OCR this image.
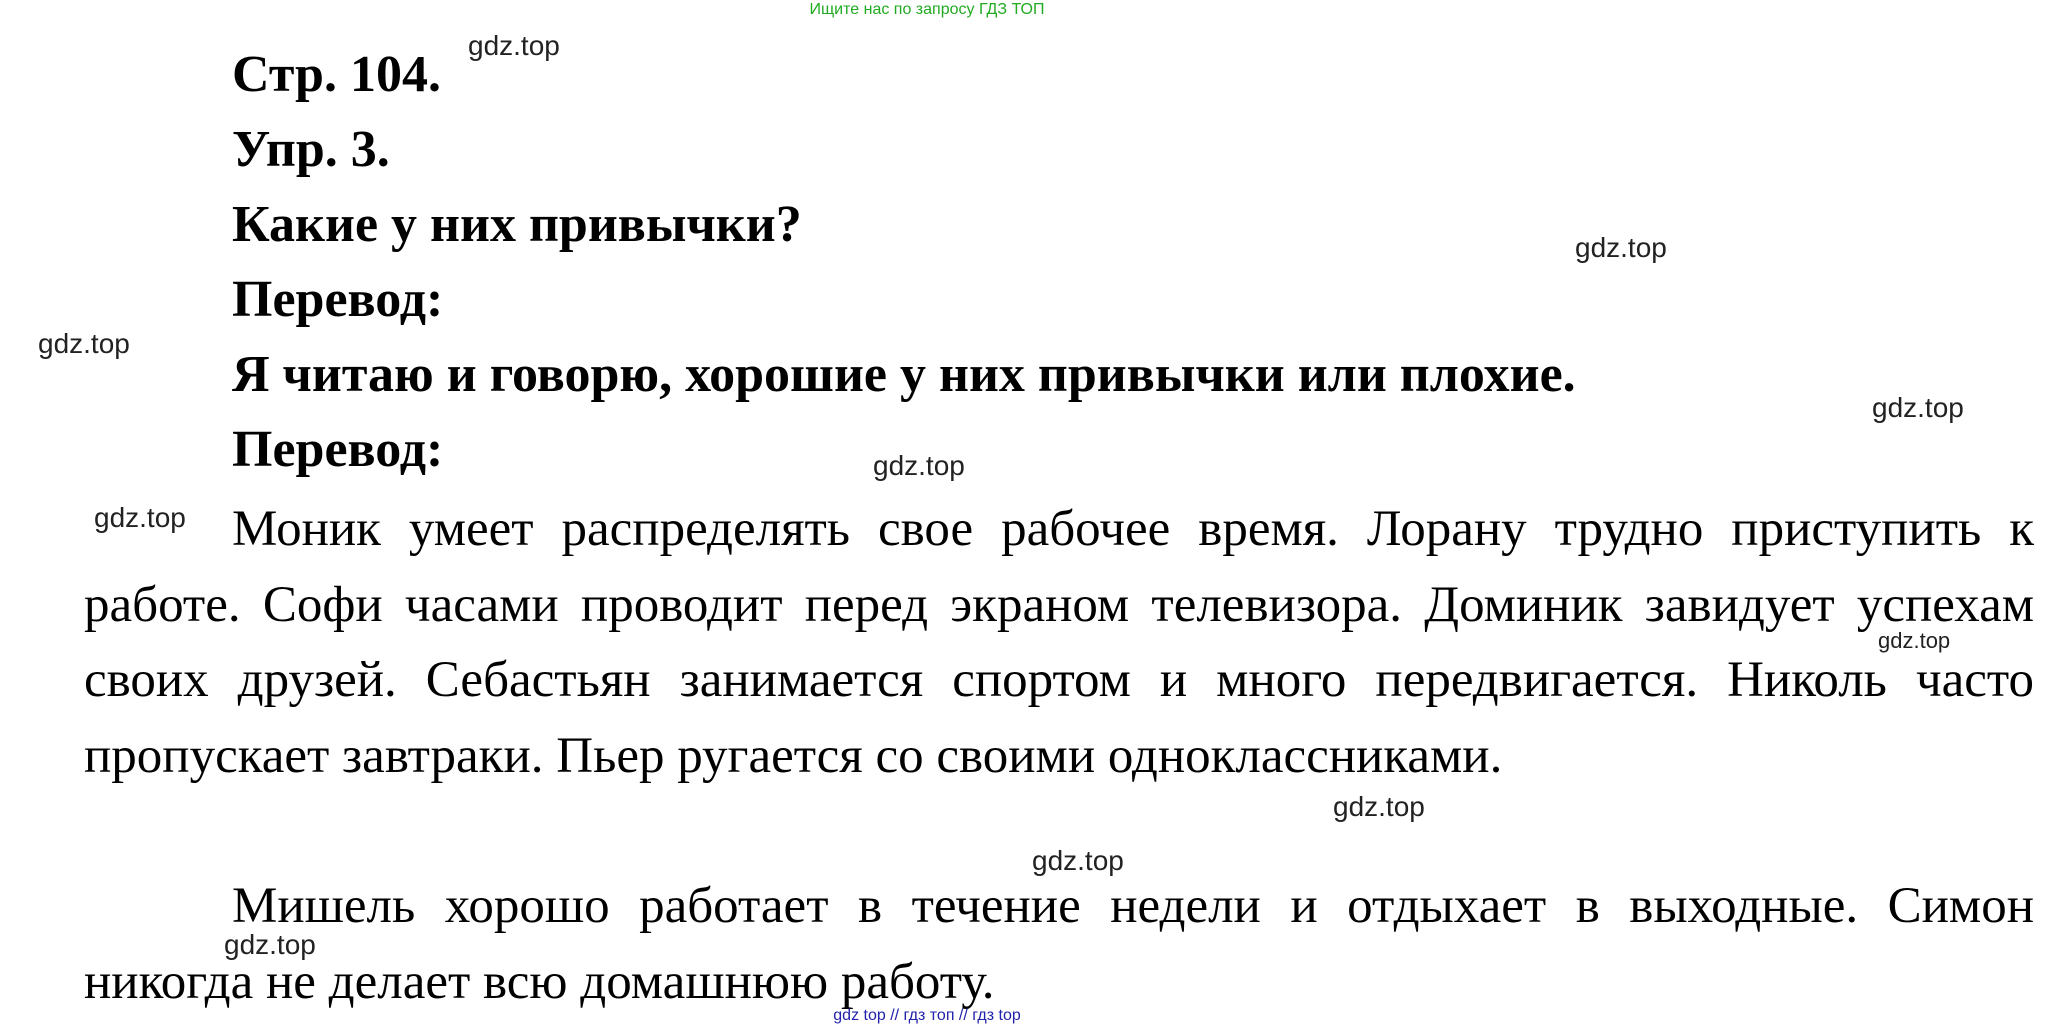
Ищите нас по запросу ГДЗ ТОП
Стр. 104.
Упр. 3.
Какие у них привычки?
Перевод:
Я читаю и говорю, хорошие у них привычки или плохие.
Перевод:

Моник умеет распределять свое рабочее время. Лорану трудно приступить к работе. Софи часами проводит перед экраном телевизора. Доминик завидует успехам своих друзей. Себастьян занимается спортом и много передвигается. Николь часто пропускает завтраки. Пьер ругается со своими одноклассниками.

Мишель хорошо работает в течение недели и отдыхает в выходные. Симон никогда не делает всю домашнюю работу.

gdz.top
gdz.top
gdz.top
gdz.top
gdz.top
gdz.top
gdz.top
gdz.top
gdz.top
gdz.top
gdz top // гдз топ // гдз top
